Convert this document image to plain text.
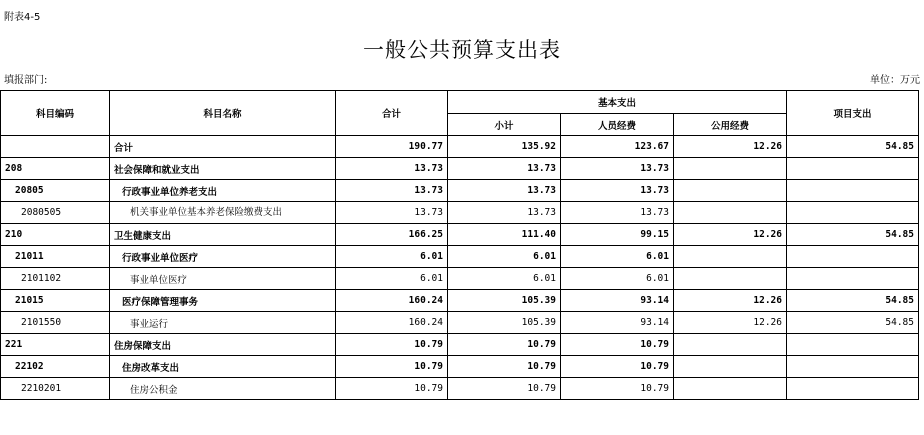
附表4-5
一般公共预算支出表
填报部门:	单位：万元
科目编码	科目名称	合计	基本支出			项目支出
			小计	人员经费	公用经费	
	合计	190.77	135.92	123.67	12.26	54.85
208	社会保障和就业支出	13.73	13.73	13.73		
20805	行政事业单位养老支出	13.73	13.73	13.73		
2080505	机关事业单位基本养老保险缴费支出	13.73	13.73	13.73		
210	卫生健康支出	166.25	111.40	99.15	12.26	54.85
21011	行政事业单位医疗	6.01	6.01	6.01		
2101102	事业单位医疗	6.01	6.01	6.01		
21015	医疗保障管理事务	160.24	105.39	93.14	12.26	54.85
2101550	事业运行	160.24	105.39	93.14	12.26	54.85
221	住房保障支出	10.79	10.79	10.79		
22102	住房改革支出	10.79	10.79	10.79		
2210201	住房公积金	10.79	10.79	10.79		
